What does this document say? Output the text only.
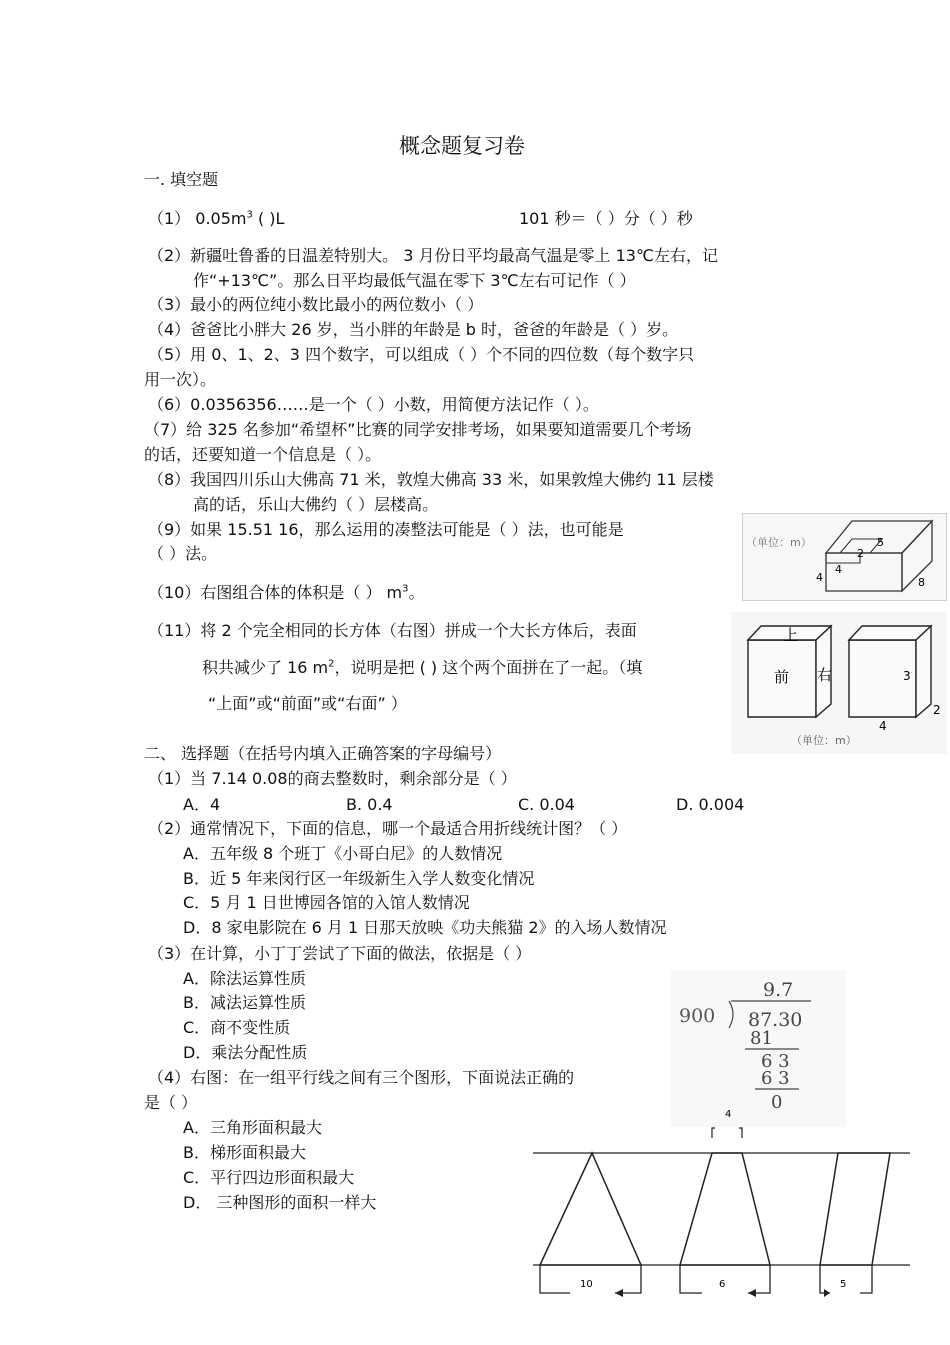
概念题复习卷
一. 填空题
（1） $0.05m^3$ ( )L	101 秒＝（ ）分（ ）秒
（2）新疆吐鲁番的日温差特别大。 3 月份日平均最高气温是零上 13℃左右，记
作“+13℃”。那么日平均最低气温在零下 3℃左右可记作（ ）
（3）最小的两位纯小数比最小的两位数小（ ）
（4）爸爸比小胖大 26 岁，当小胖的年龄是 b 时，爸爸的年龄是（ ）岁。
（5）用 0、1、2、3 四个数字，可以组成（ ）个不同的四位数（每个数字只
用一次）。
（6）0.0356356……是一个（ ）小数，用简便方法记作（ ）。
（7）给 325 名参加“希望杯”比赛的同学安排考场，如果要知道需要几个考场
的话，还要知道一个信息是（ ）。
（8）我国四川乐山大佛高 71 米，敦煌大佛高 33 米，如果敦煌大佛约 11 层楼
高的话，乐山大佛约（ ）层楼高。
（9）如果 15.51 16，那么运用的凑整法可能是（ ）法，也可能是
（ ）法。
（10）右图组合体的体积是（ ） $m^3$。
（11）将 2 个完全相同的长方体（右图）拼成一个大长方体后，表面
积共减少了 16 $m^2$，说明是把 ( ) 这个两个面拼在了一起。（填
“上面”或“前面”或“右面” ）
二、 选择题（在括号内填入正确答案的字母编号）
（1）当 7.14 0.08的商去整数时，剩余部分是（ ）
A．4	B. 0.4	C. 0.04	D. 0.004
（2）通常情况下，下面的信息，哪一个最适合用折线统计图？（ ）
A．五年级 8 个班丁《小哥白尼》的人数情况
B．近 5 年来闵行区一年级新生入学人数变化情况
C．5 月 1 日世博园各馆的入馆人数情况
D．8 家电影院在 6 月 1 日那天放映《功夫熊猫 2》的入场人数情况
（3）在计算，小丁丁尝试了下面的做法，依据是（ ）
A．除法运算性质
B．减法运算性质
C．商不变性质
D．乘法分配性质
（4）右图：在一组平行线之间有三个图形，下面说法正确的
是（ ）
A．三角形面积最大
B．梯形面积最大
C．平行四边形面积最大
D． 三种图形的面积一样大
（单位：m）	5
2
4
4	8
上
前 右	3
4
2
（单位：m）
9.7
900 87.30
81
6 3
6 3
0
4
10	6	5
